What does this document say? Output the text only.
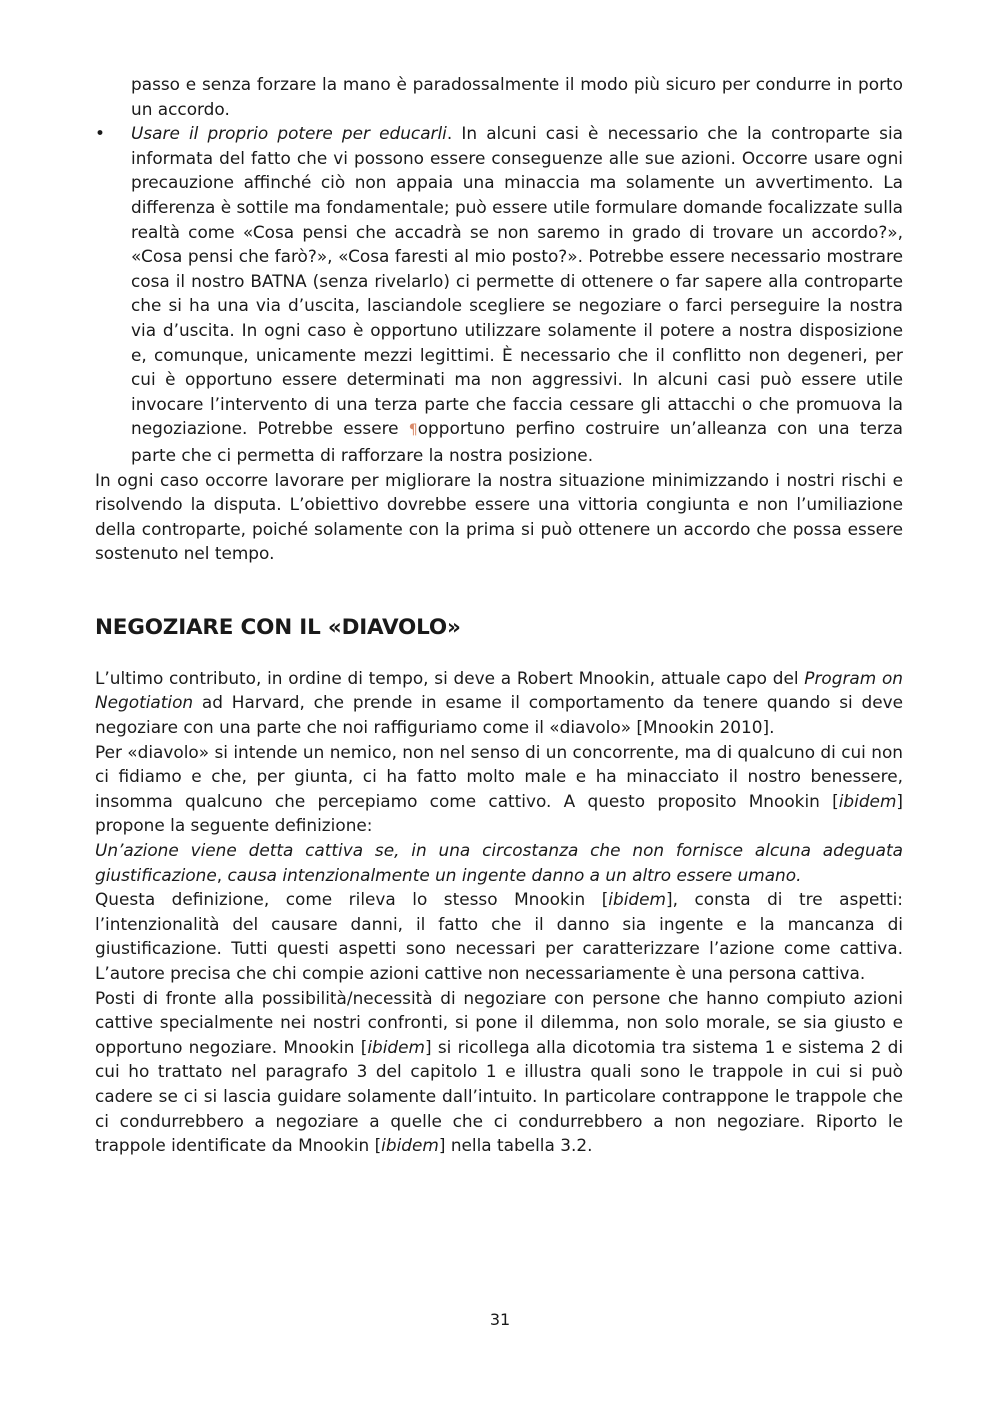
passo e senza forzare la mano è paradossalmente il modo più sicuro per condurre in porto un accordo.

• Usare il proprio potere per educarli. In alcuni casi è necessario che la controparte sia informata del fatto che vi possono essere conseguenze alle sue azioni. Occorre usare ogni precauzione affinché ciò non appaia una minaccia ma solamente un avvertimento. La differenza è sottile ma fondamentale; può essere utile formulare domande focalizzate sulla realtà come «Cosa pensi che accadrà se non saremo in grado di trovare un accordo?», «Cosa pensi che farò?», «Cosa faresti al mio posto?». Potrebbe essere necessario mostrare cosa il nostro BATNA (senza rivelarlo) ci permette di ottenere o far sapere alla controparte che si ha una via d’uscita, lasciandole scegliere se negoziare o farci perseguire la nostra via d’uscita. In ogni caso è opportuno utilizzare solamente il potere a nostra disposizione e, comunque, unicamente mezzi legittimi. È necessario che il conflitto non degeneri, per cui è opportuno essere determinati ma non aggressivi. In alcuni casi può essere utile invocare l’intervento di una terza parte che faccia cessare gli attacchi o che promuova la negoziazione. Potrebbe essere ¶opportuno perfino costruire un’alleanza con una terza parte che ci permetta di rafforzare la nostra posizione.

In ogni caso occorre lavorare per migliorare la nostra situazione minimizzando i nostri rischi e risolvendo la disputa. L’obiettivo dovrebbe essere una vittoria congiunta e non l’umiliazione della controparte, poiché solamente con la prima si può ottenere un accordo che possa essere sostenuto nel tempo.

NEGOZIARE CON IL «DIAVOLO»

L’ultimo contributo, in ordine di tempo, si deve a Robert Mnookin, attuale capo del Program on Negotiation ad Harvard, che prende in esame il comportamento da tenere quando si deve negoziare con una parte che noi raffiguriamo come il «diavolo» [Mnookin 2010].

Per «diavolo» si intende un nemico, non nel senso di un concorrente, ma di qualcuno di cui non ci fidiamo e che, per giunta, ci ha fatto molto male e ha minacciato il nostro benessere, insomma qualcuno che percepiamo come cattivo. A questo proposito Mnookin [ibidem] propone la seguente definizione:

Un’azione viene detta cattiva se, in una circostanza che non fornisce alcuna adeguata giustificazione, causa intenzionalmente un ingente danno a un altro essere umano.

Questa definizione, come rileva lo stesso Mnookin [ibidem], consta di tre aspetti: l’intenzionalità del causare danni, il fatto che il danno sia ingente e la mancanza di giustificazione. Tutti questi aspetti sono necessari per caratterizzare l’azione come cattiva. L’autore precisa che chi compie azioni cattive non necessariamente è una persona cattiva.

Posti di fronte alla possibilità/necessità di negoziare con persone che hanno compiuto azioni cattive specialmente nei nostri confronti, si pone il dilemma, non solo morale, se sia giusto e opportuno negoziare. Mnookin [ibidem] si ricollega alla dicotomia tra sistema 1 e sistema 2 di cui ho trattato nel paragrafo 3 del capitolo 1 e illustra quali sono le trappole in cui si può cadere se ci si lascia guidare solamente dall’intuito. In particolare contrappone le trappole che ci condurrebbero a negoziare a quelle che ci condurrebbero a non negoziare. Riporto le trappole identificate da Mnookin [ibidem] nella tabella 3.2.

31
